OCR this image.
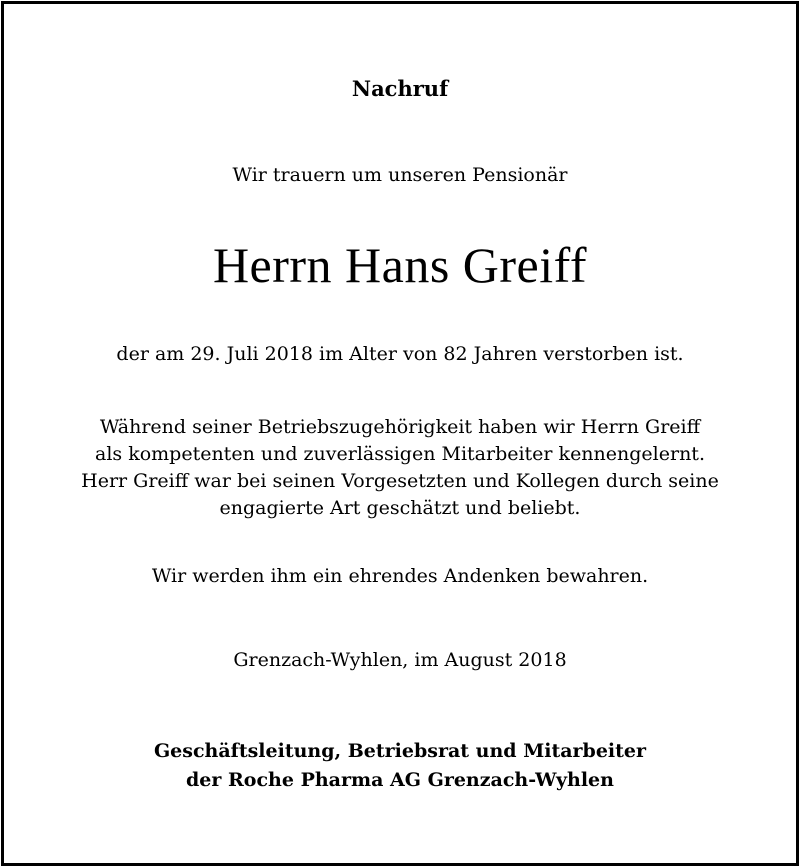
Nachruf
Wir trauern um unseren Pensionär
Herrn Hans Greiff
der am 29. Juli 2018 im Alter von 82 Jahren verstorben ist.
Während seiner Betriebszugehörigkeit haben wir Herrn Greiff
als kompetenten und zuverlässigen Mitarbeiter kennengelernt.
Herr Greiff war bei seinen Vorgesetzten und Kollegen durch seine
engagierte Art geschätzt und beliebt.
Wir werden ihm ein ehrendes Andenken bewahren.
Grenzach-Wyhlen, im August 2018
Geschäftsleitung, Betriebsrat und Mitarbeiter
der Roche Pharma AG Grenzach-Wyhlen
